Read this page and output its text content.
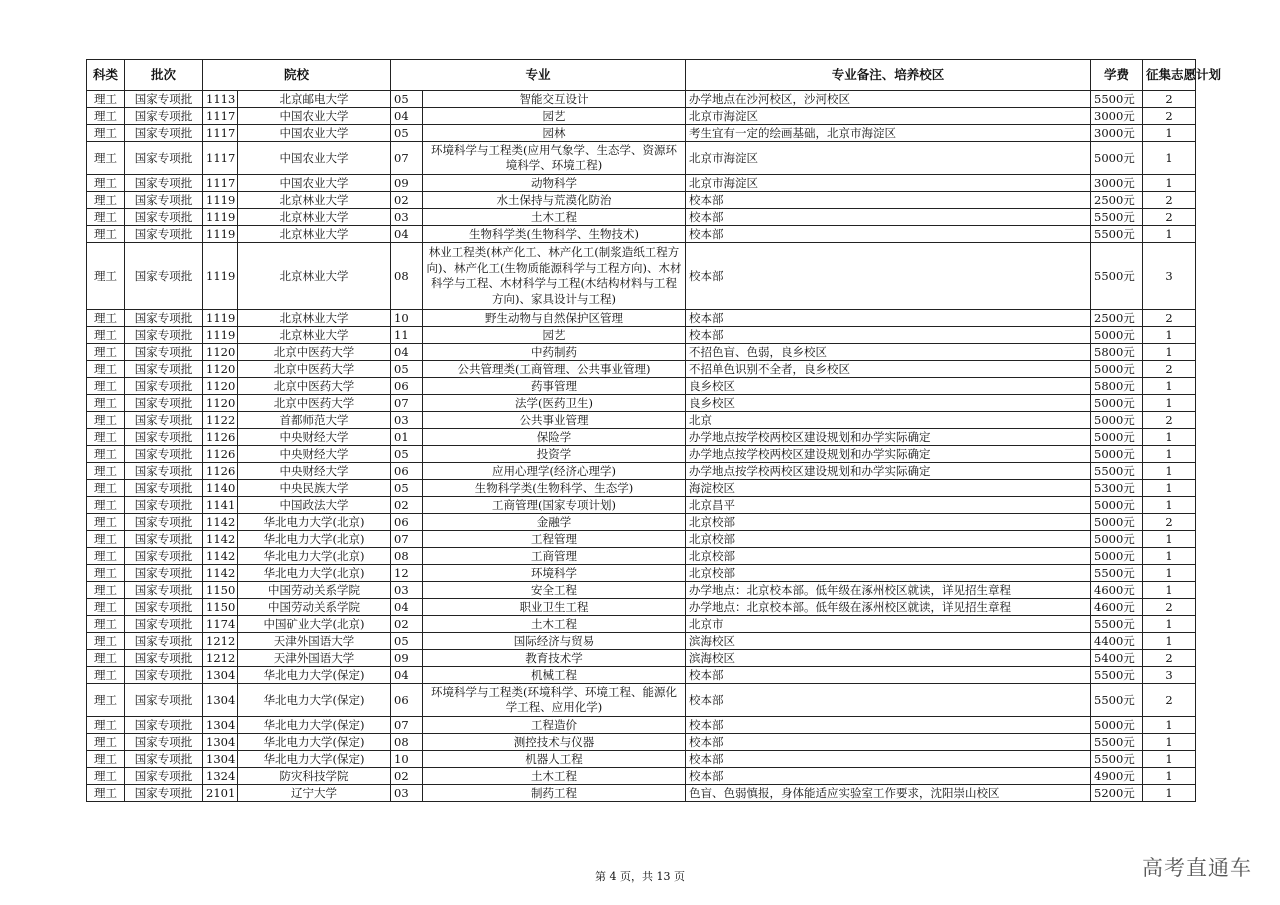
科类	批次	院校		专业		专业备注、培养校区	学费	征集志愿计划
理工	国家专项批	1113	北京邮电大学	05	智能交互设计	办学地点在沙河校区，沙河校区	5500元	2
理工	国家专项批	1117	中国农业大学	04	园艺	北京市海淀区	3000元	2
理工	国家专项批	1117	中国农业大学	05	园林	考生宜有一定的绘画基础，北京市海淀区	3000元	1
理工	国家专项批	1117	中国农业大学	07	环境科学与工程类(应用气象学、生态学、资源环境科学、环境工程)	北京市海淀区	5000元	1
理工	国家专项批	1117	中国农业大学	09	动物科学	北京市海淀区	3000元	1
理工	国家专项批	1119	北京林业大学	02	水土保持与荒漠化防治	校本部	2500元	2
理工	国家专项批	1119	北京林业大学	03	土木工程	校本部	5500元	2
理工	国家专项批	1119	北京林业大学	04	生物科学类(生物科学、生物技术)	校本部	5500元	1
理工	国家专项批	1119	北京林业大学	08	林业工程类(林产化工、林产化工(制浆造纸工程方向)、林产化工(生物质能源科学与工程方向)、木材科学与工程、木材科学与工程(木结构材料与工程方向)、家具设计与工程)	校本部	5500元	3
理工	国家专项批	1119	北京林业大学	10	野生动物与自然保护区管理	校本部	2500元	2
理工	国家专项批	1119	北京林业大学	11	园艺	校本部	5000元	1
理工	国家专项批	1120	北京中医药大学	04	中药制药	不招色盲、色弱，良乡校区	5800元	1
理工	国家专项批	1120	北京中医药大学	05	公共管理类(工商管理、公共事业管理)	不招单色识别不全者，良乡校区	5000元	2
理工	国家专项批	1120	北京中医药大学	06	药事管理	良乡校区	5800元	1
理工	国家专项批	1120	北京中医药大学	07	法学(医药卫生)	良乡校区	5000元	1
理工	国家专项批	1122	首都师范大学	03	公共事业管理	北京	5000元	2
理工	国家专项批	1126	中央财经大学	01	保险学	办学地点按学校两校区建设规划和办学实际确定	5000元	1
理工	国家专项批	1126	中央财经大学	05	投资学	办学地点按学校两校区建设规划和办学实际确定	5000元	1
理工	国家专项批	1126	中央财经大学	06	应用心理学(经济心理学)	办学地点按学校两校区建设规划和办学实际确定	5500元	1
理工	国家专项批	1140	中央民族大学	05	生物科学类(生物科学、生态学)	海淀校区	5300元	1
理工	国家专项批	1141	中国政法大学	02	工商管理(国家专项计划)	北京昌平	5000元	1
理工	国家专项批	1142	华北电力大学(北京)	06	金融学	北京校部	5000元	2
理工	国家专项批	1142	华北电力大学(北京)	07	工程管理	北京校部	5000元	1
理工	国家专项批	1142	华北电力大学(北京)	08	工商管理	北京校部	5000元	1
理工	国家专项批	1142	华北电力大学(北京)	12	环境科学	北京校部	5500元	1
理工	国家专项批	1150	中国劳动关系学院	03	安全工程	办学地点：北京校本部。低年级在涿州校区就读，详见招生章程	4600元	1
理工	国家专项批	1150	中国劳动关系学院	04	职业卫生工程	办学地点：北京校本部。低年级在涿州校区就读，详见招生章程	4600元	2
理工	国家专项批	1174	中国矿业大学(北京)	02	土木工程	北京市	5500元	1
理工	国家专项批	1212	天津外国语大学	05	国际经济与贸易	滨海校区	4400元	1
理工	国家专项批	1212	天津外国语大学	09	教育技术学	滨海校区	5400元	2
理工	国家专项批	1304	华北电力大学(保定)	04	机械工程	校本部	5500元	3
理工	国家专项批	1304	华北电力大学(保定)	06	环境科学与工程类(环境科学、环境工程、能源化学工程、应用化学)	校本部	5500元	2
理工	国家专项批	1304	华北电力大学(保定)	07	工程造价	校本部	5000元	1
理工	国家专项批	1304	华北电力大学(保定)	08	测控技术与仪器	校本部	5500元	1
理工	国家专项批	1304	华北电力大学(保定)	10	机器人工程	校本部	5500元	1
理工	国家专项批	1324	防灾科技学院	02	土木工程	校本部	4900元	1
理工	国家专项批	2101	辽宁大学	03	制药工程	色盲、色弱慎报，身体能适应实验室工作要求，沈阳崇山校区	5200元	1
第 4 页，共 13 页	高考直通车
